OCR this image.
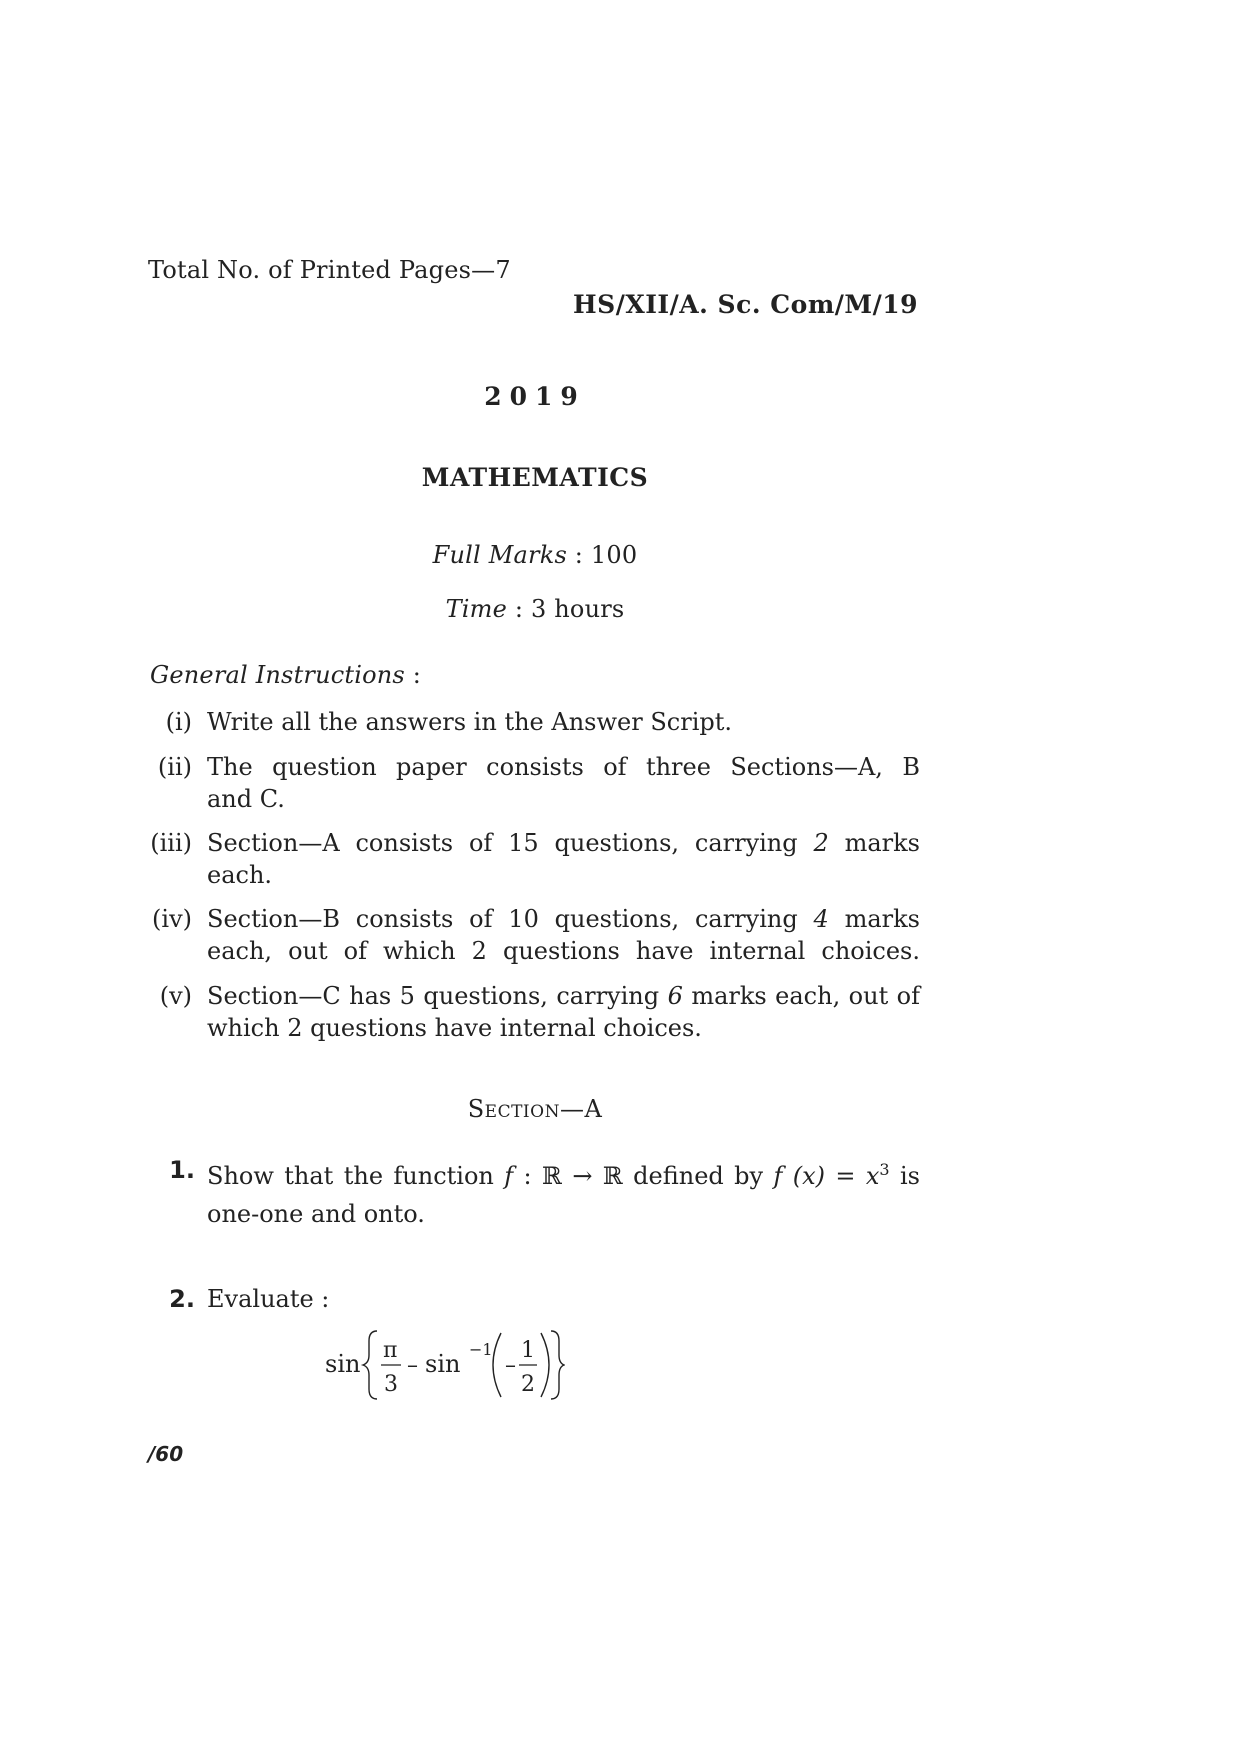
Total No. of Printed Pages—7
HS/XII/A. Sc. Com/M/19
2019
MATHEMATICS
Full Marks : 100
Time : 3 hours
General Instructions :
(i) Write all the answers in the Answer Script.
(ii) The question paper consists of three Sections—A, B
and C.
(iii) Section—A consists of 15 questions, carrying 2 marks
each.
(iv) Section—B consists of 10 questions, carrying 4 marks
each, out of which 2 questions have internal choices.
(v) Section—C has 5 questions, carrying 6 marks each, out of
which 2 questions have internal choices.
Section—A
1. Show that the function f : ℝ → ℝ defined by f $(x) = x^3$ is
one-one and onto.
2. Evaluate :
sin π
3
– sin
−1
–
1
2
/60
